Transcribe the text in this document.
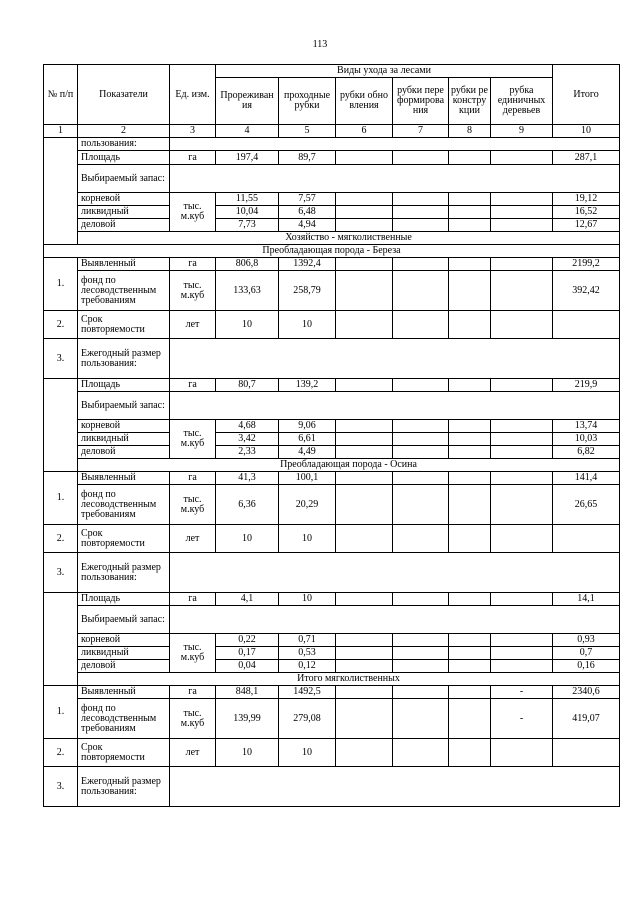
113
№ п/п	Показатели	Ед. изм.	Виды ухода за лесами						Итого
			Прореживания	проходные рубки	рубки обновления	рубки переформирования	рубки реконструкции	рубка единичных деревьев	
1	2	3	4	5	6	7	8	9	10
	пользования:								
	Площадь	га	197,4	89,7					287,1
	Выбираемый запас:								
	корневой	тыс. м.куб	11,55	7,57					19,12
	ликвидный		10,04	6,48					16,52
	деловой		7,73	4,94					12,67
	Хозяйство - мягколиственные								
Преобладающая порода - Береза									
1.	Выявленный	га	806,8	1392,4					2199,2
	фонд по лесоводственным требованиям	тыс. м.куб	133,63	258,79					392,42
2.	Срок повторяемости	лет	10	10					
3.	Ежегодный размер пользования:								
	Площадь	га	80,7	139,2					219,9
	Выбираемый запас:								
	корневой	тыс. м.куб	4,68	9,06					13,74
	ликвидный		3,42	6,61					10,03
	деловой		2,33	4,49					6,82
	Преобладающая порода - Осина								
1.	Выявленный	га	41,3	100,1					141,4
	фонд по лесоводственным требованиям	тыс. м.куб	6,36	20,29					26,65
2.	Срок повторяемости	лет	10	10					
3.	Ежегодный размер пользования:								
	Площадь	га	4,1	10					14,1
	Выбираемый запас:								
	корневой	тыс. м.куб	0,22	0,71					0,93
	ликвидный		0,17	0,53					0,7
	деловой		0,04	0,12					0,16
	Итого мягколиственных								
1.	Выявленный	га	848,1	1492,5				-	2340,6
	фонд по лесоводственным требованиям	тыс. м.куб	139,99	279,08				-	419,07
2.	Срок повторяемости	лет	10	10					
3.	Ежегодный размер пользования:								
